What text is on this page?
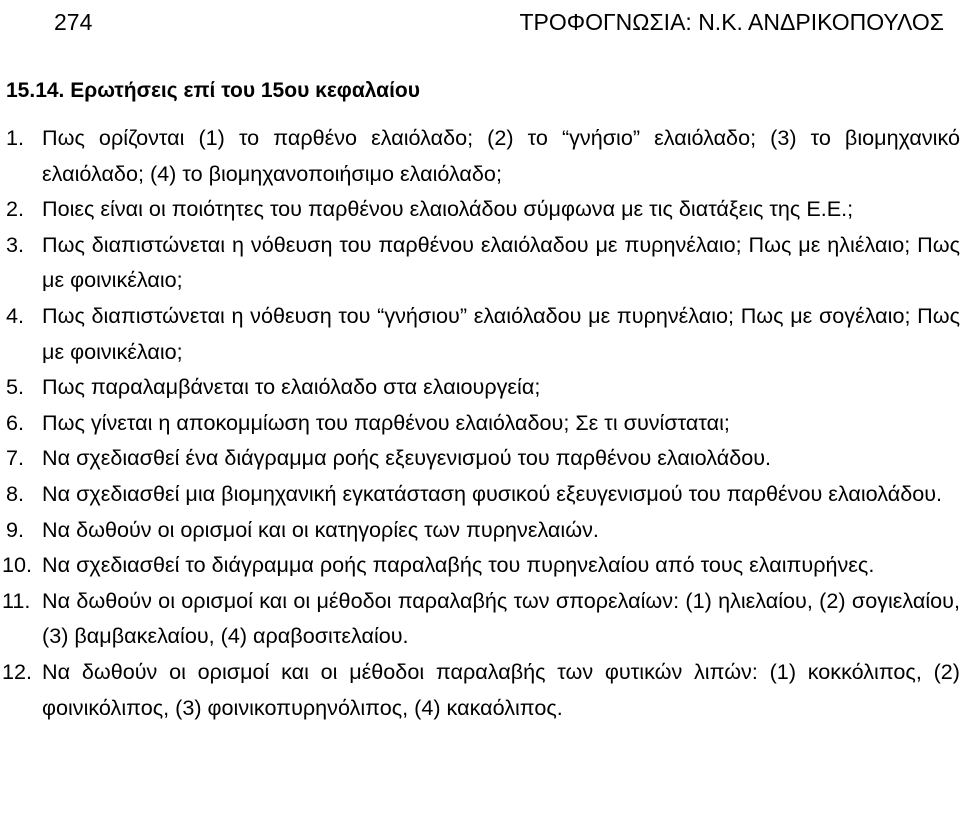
274	ΤΡΟΦΟΓΝΩΣΙΑ: Ν.Κ. ΑΝΔΡΙΚΟΠΟΥΛΟΣ
15.14. Ερωτήσεις επί του 15ου κεφαλαίου
1. Πως ορίζονται (1) το παρθένο ελαιόλαδο; (2) το “γνήσιο” ελαιόλαδο; (3) το βιομηχανικό ελαιόλαδο; (4) το βιομηχανοποιήσιμο ελαιόλαδο;
2. Ποιες είναι οι ποιότητες του παρθένου ελαιολάδου σύμφωνα με τις διατάξεις της Ε.Ε.;
3. Πως διαπιστώνεται η νόθευση του παρθένου ελαιόλαδου με πυρηνέλαιο; Πως με ηλιέλαιο; Πως με φοινικέλαιο;
4. Πως διαπιστώνεται η νόθευση του “γνήσιου” ελαιόλαδου με πυρηνέλαιο; Πως με σογέλαιο; Πως με φοινικέλαιο;
5. Πως παραλαμβάνεται το ελαιόλαδο στα ελαιουργεία;
6. Πως γίνεται η αποκομμίωση του παρθένου ελαιόλαδου; Σε τι συνίσταται;
7. Να σχεδιασθεί ένα διάγραμμα ροής εξευγενισμού του παρθένου ελαιολάδου.
8. Να σχεδιασθεί μια βιομηχανική εγκατάσταση φυσικού εξευγενισμού του παρθένου ελαιολάδου.
9. Να δωθούν οι ορισμοί και οι κατηγορίες των πυρηνελαιών.
10. Να σχεδιασθεί το διάγραμμα ροής παραλαβής του πυρηνελαίου από τους ελαιπυρήνες.
11. Να δωθούν οι ορισμοί και οι μέθοδοι παραλαβής των σπορελαίων: (1) ηλιελαίου, (2) σογιελαίου, (3) βαμβακελαίου, (4) αραβοσιτελαίου.
12. Να δωθούν οι ορισμοί και οι μέθοδοι παραλαβής των φυτικών λιπών: (1) κοκκόλιπος, (2) φοινικόλιπος, (3) φοινικοπυρηνόλιπος, (4) κακαόλιπος.
